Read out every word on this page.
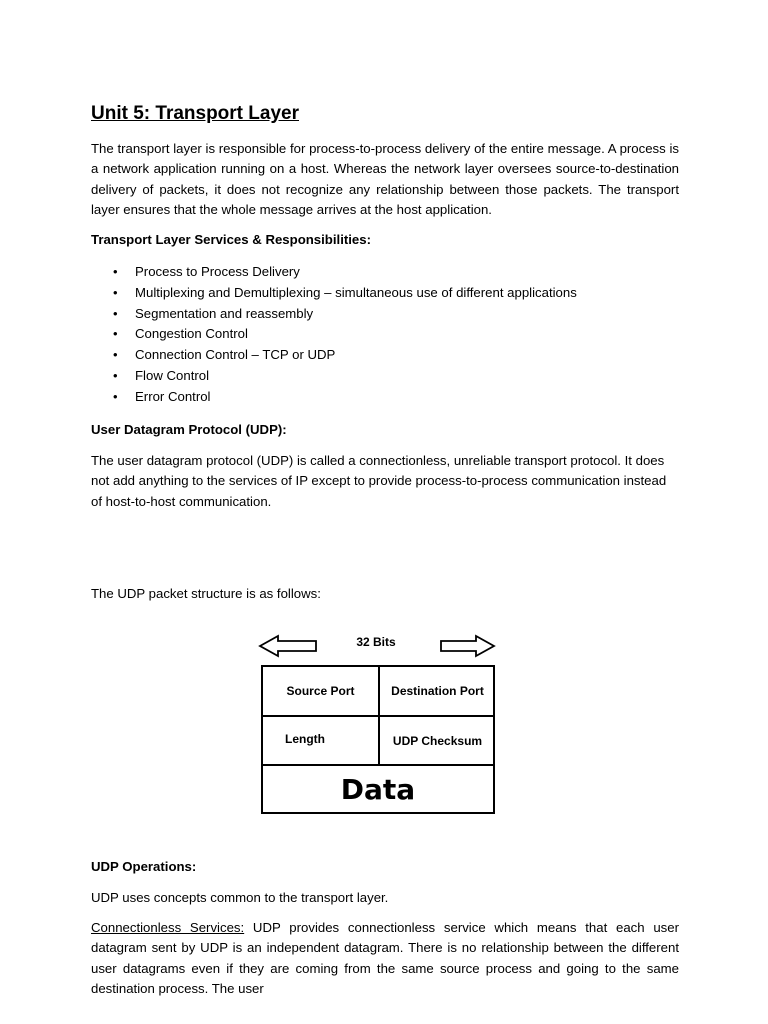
Unit 5: Transport Layer

The transport layer is responsible for process-to-process delivery of the entire message. A process is a network application running on a host. Whereas the network layer oversees source-to-destination delivery of packets, it does not recognize any relationship between those packets. The transport layer ensures that the whole message arrives at the host application.

Transport Layer Services & Responsibilities:
• Process to Process Delivery
• Multiplexing and Demultiplexing – simultaneous use of different applications
• Segmentation and reassembly
• Congestion Control
• Connection Control – TCP or UDP
• Flow Control
• Error Control
User Datagram Protocol (UDP):

The user datagram protocol (UDP) is called a connectionless, unreliable transport protocol. It does not add anything to the services of IP except to provide process-to-process communication instead of host-to-host communication.

The UDP packet structure is as follows:
UDP Operations:
UDP uses concepts common to the transport layer.

Connectionless Services: UDP provides connectionless service which means that each user datagram sent by UDP is an independent datagram. There is no relationship between the different user datagrams even if they are coming from the same source process and going to the same destination process. The user

32 Bits
Source Port	Destination Port
Length	UDP Checksum
Data
